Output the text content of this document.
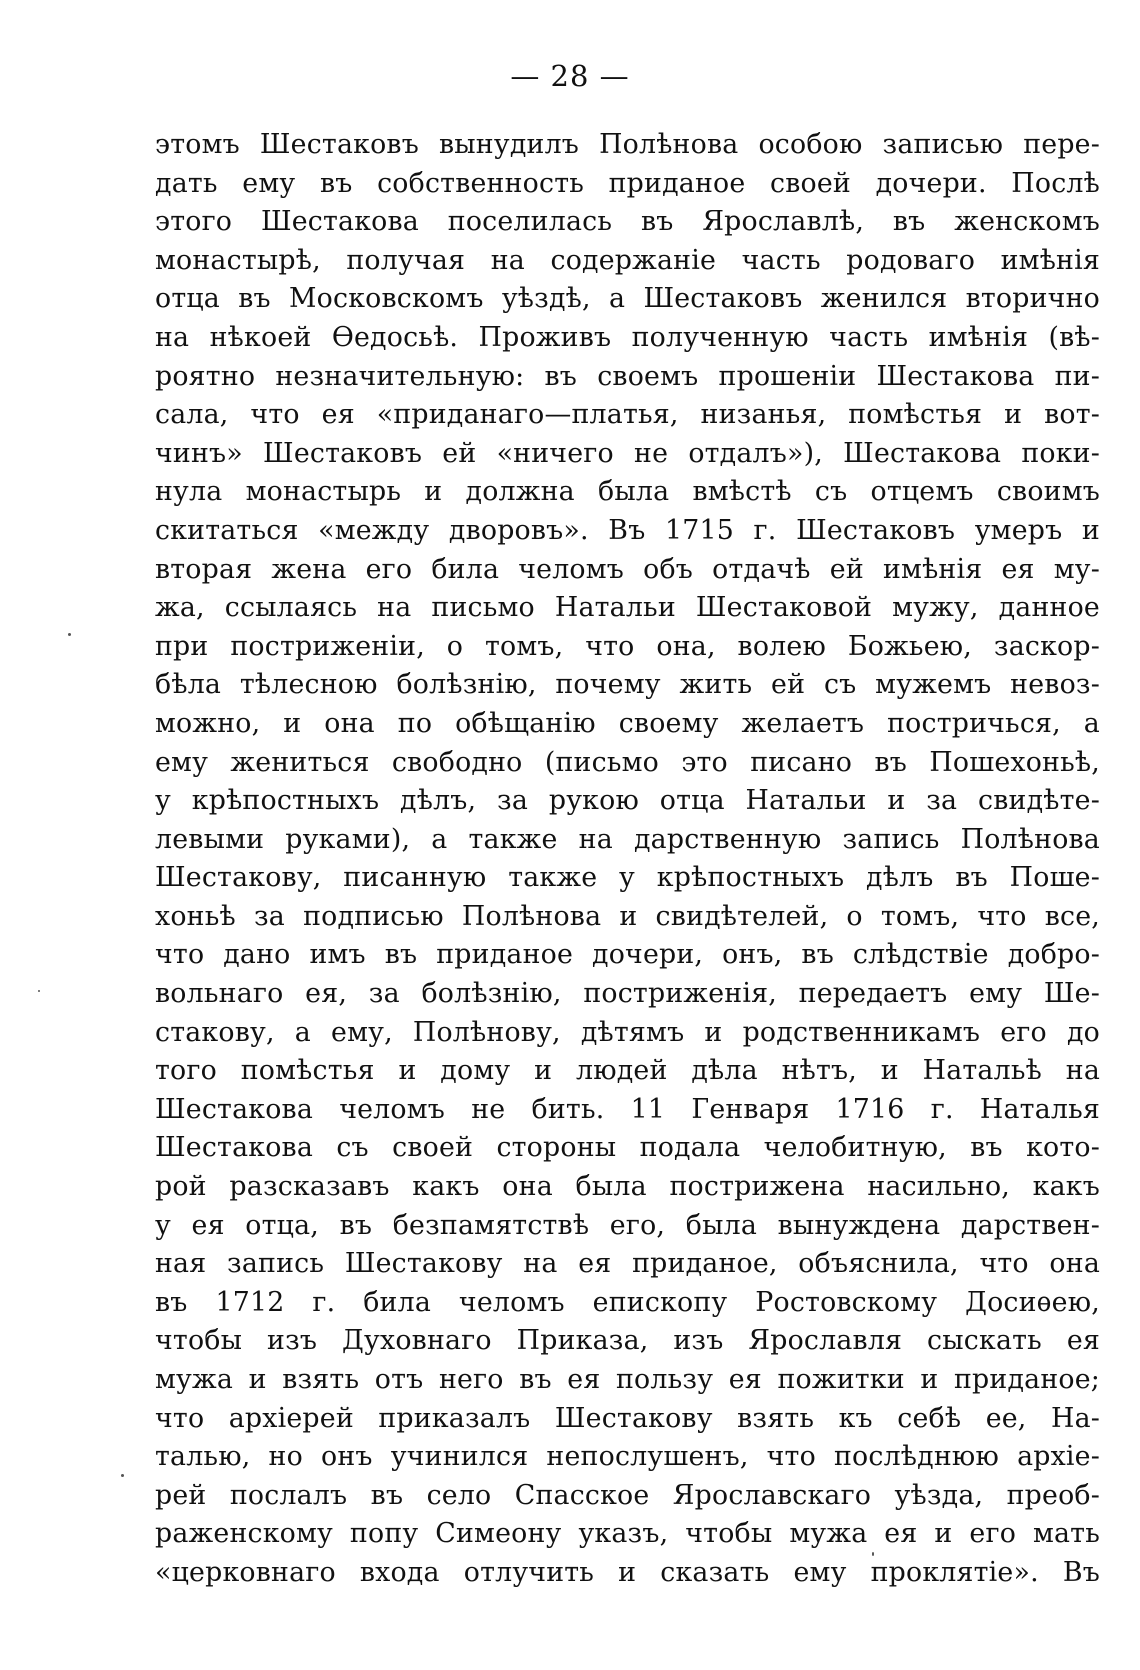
— 28 —

этомъ Шестаковъ вынудилъ Полѣнова особою записью пере-
дать ему въ собственность приданое своей дочери. Послѣ
этого Шестакова поселилась въ Ярославлѣ, въ женскомъ
монастырѣ, получая на содержаніе часть родоваго имѣнія
отца въ Московскомъ уѣздѣ, а Шестаковъ женился вторично
на нѣкоей Ѳедосьѣ. Проживъ полученную часть имѣнія (вѣ-
роятно незначительную: въ своемъ прошеніи Шестакова пи-
сала, что ея «приданаго—платья, низанья, помѣстья и вот-
чинъ» Шестаковъ ей «ничего не отдалъ»), Шестакова поки-
нула монастырь и должна была вмѣстѣ съ отцемъ своимъ
скитаться «между дворовъ». Въ 1715 г. Шестаковъ умеръ и
вторая жена его била челомъ объ отдачѣ ей имѣнія ея му-
жа, ссылаясь на письмо Натальи Шестаковой мужу, данное
при постриженіи, о томъ, что она, волею Божьею, заскор-
бѣла тѣлесною болѣзнію, почему жить ей съ мужемъ невоз-
можно, и она по обѣщанію своему желаетъ постричься, а
ему жениться свободно (письмо это писано въ Пошехоньѣ,
у крѣпостныхъ дѣлъ, за рукою отца Натальи и за свидѣте-
левыми руками), а также на дарственную запись Полѣнова
Шестакову, писанную также у крѣпостныхъ дѣлъ въ Поше-
хоньѣ за подписью Полѣнова и свидѣтелей, о томъ, что все,
что дано имъ въ приданое дочери, онъ, въ слѣдствіе добро-
вольнаго ея, за болѣзнію, постриженія, передаетъ ему Ше-
стакову, а ему, Полѣнову, дѣтямъ и родственникамъ его до
того помѣстья и дому и людей дѣла нѣтъ, и Натальѣ на
Шестакова челомъ не бить. 11 Генваря 1716 г. Наталья
Шестакова съ своей стороны подала челобитную, въ кото-
рой разсказавъ какъ она была пострижена насильно, какъ
у ея отца, въ безпамятствѣ его, была вынуждена дарствен-
ная запись Шестакову на ея приданое, объяснила, что она
въ 1712 г. била челомъ епископу Ростовскому Досиѳею,
чтобы изъ Духовнаго Приказа, изъ Ярославля сыскать ея
мужа и взять отъ него въ ея пользу ея пожитки и приданое;
что архіерей приказалъ Шестакову взять къ себѣ ее, На-
талью, но онъ учинился непослушенъ, что послѣднюю архіе-
рей послалъ въ село Спасское Ярославскаго уѣзда, преоб-
раженскому попу Симеону указъ, чтобы мужа ея и его мать
«церковнаго входа отлучить и сказать ему проклятіе». Въ
